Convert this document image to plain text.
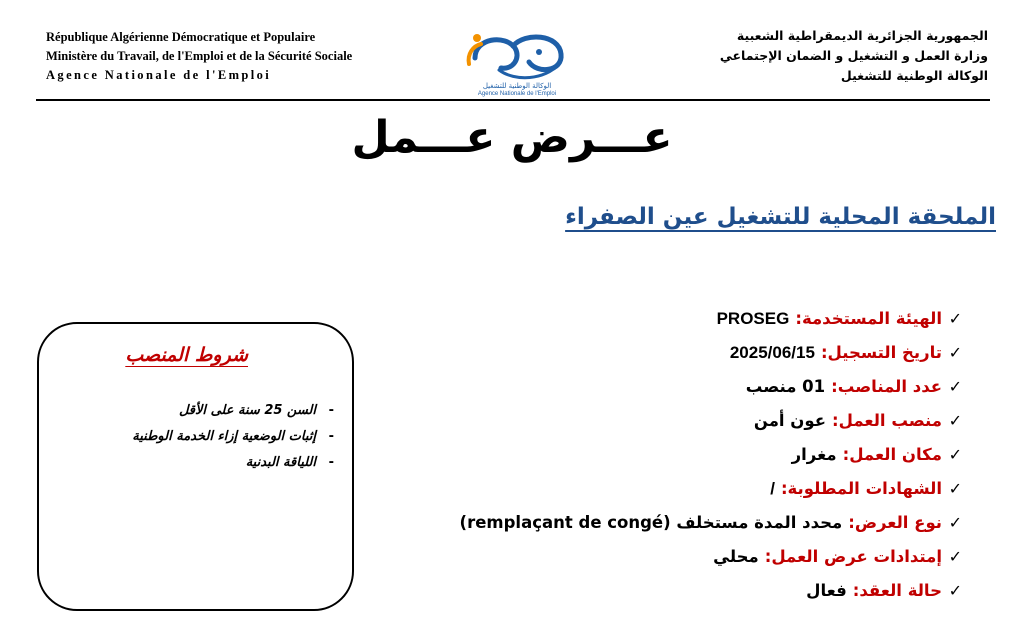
République Algérienne Démocratique et Populaire
Ministère du Travail, de l'Emploi et de la Sécurité Sociale
Agence Nationale de l'Emploi
الوكالة الوطنية للتشغيل
Agence Nationale de l'Emploi
الجمهورية الجزائرية الديمقراطية الشعبية
وزارة العمل و التشغيل و الضمان الإجتماعي
الوكالة الوطنية للتشغيل
عـــرض عـــمل
الملحقة المحلية للتشغيل عين الصفراء
شروط المنصب
-السن 25 سنة على الأقل
-إثبات الوضعية إزاء الخدمة الوطنية
-اللياقة البدنية
✓الهيئة المستخدمة:PROSEG
✓تاريخ التسجيل:2025/06/15
✓عدد المناصب:01 منصب
✓منصب العمل:عون أمن
✓مكان العمل:مغرار
✓الشهادات المطلوبة:/
✓نوع العرض:محدد المدة مستخلف (remplaçant de congé)
✓إمتدادات عرض العمل:محلي
✓حالة العقد:فعال
